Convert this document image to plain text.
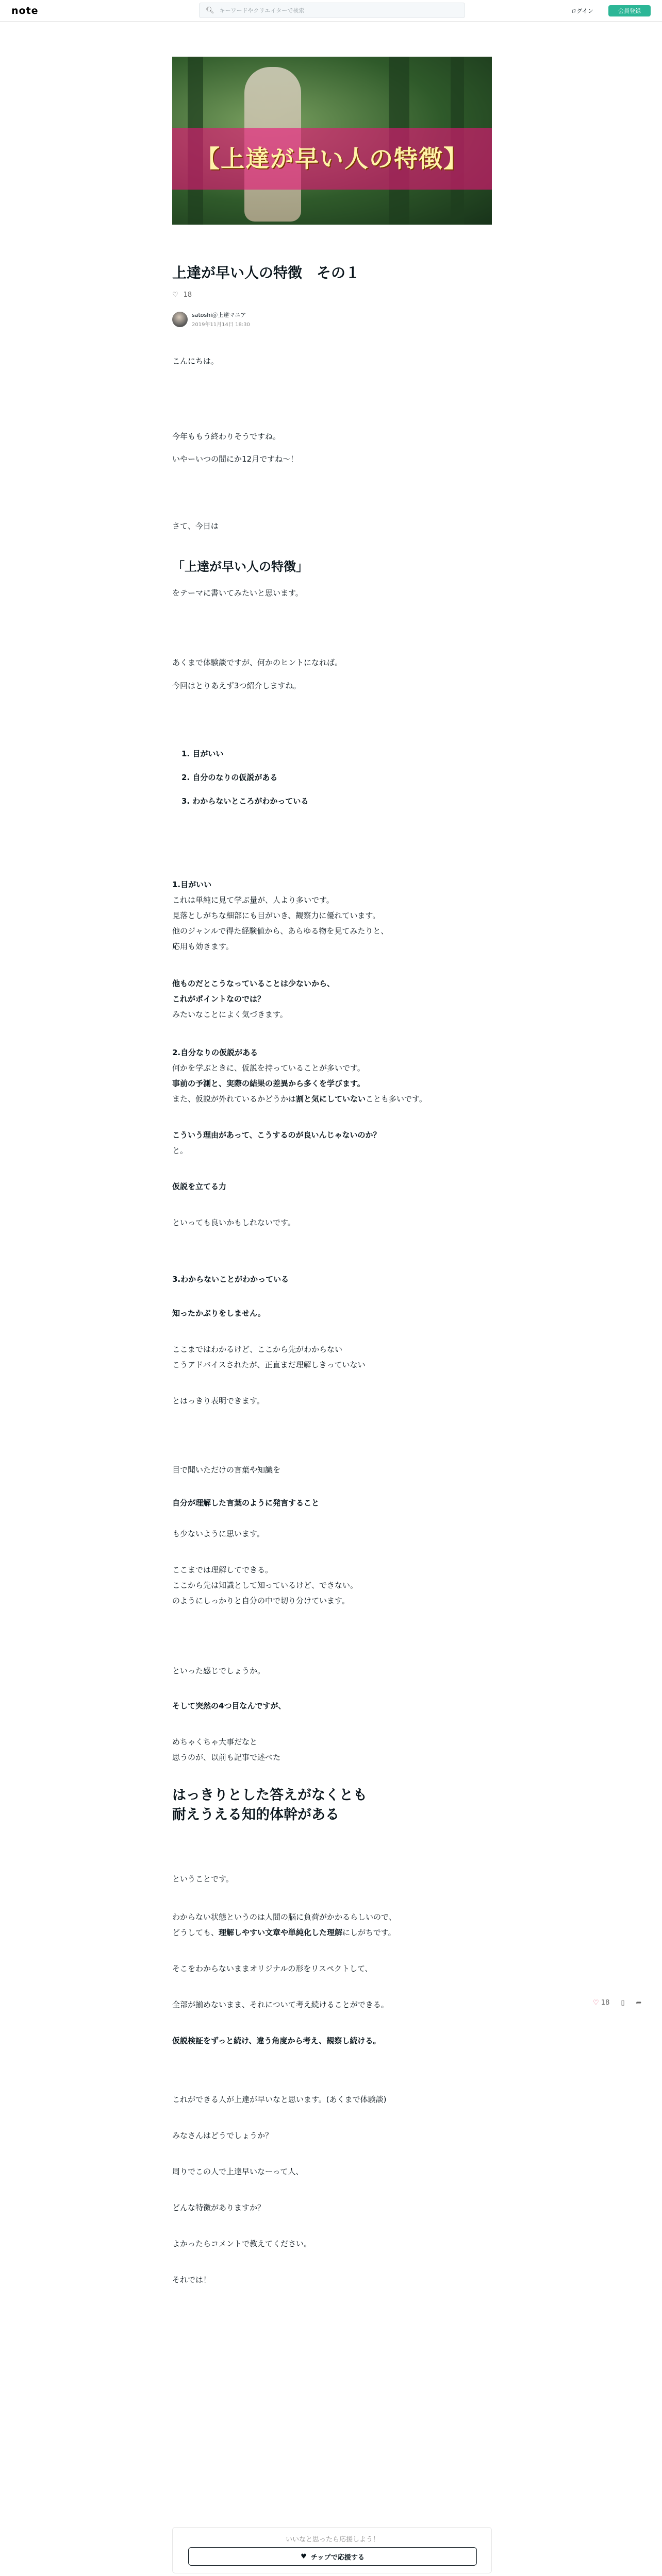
note	🔍︎ キーワードやクリエイターで検索	ログイン	会員登録
【上達が早い人の特徴】
上達が早い人の特徴　その１
♡ 18
satoshi＠上達マニア
2019年11月14日 18:30
こんにちは。
今年ももう終わりそうですね。
いやーいつの間にか12月ですね〜！
さて、今日は
「上達が早い人の特徴」
をテーマに書いてみたいと思います。
あくまで体験談ですが、何かのヒントになれば。
今回はとりあえず3つ紹介しますね。
1. 目がいい
2. 自分のなりの仮説がある
3. わからないところがわかっている
1.目がいい
これは単純に見て学ぶ量が、人より多いです。
見落としがちな細部にも目がいき、観察力に優れています。
他のジャンルで得た経験値から、あらゆる物を見てみたりと、
応用も効きます。
他ものだとこうなっていることは少ないから、
これがポイントなのでは？
みたいなことによく気づきます。
2.自分なりの仮説がある
何かを学ぶときに、仮説を持っていることが多いです。
事前の予測と、実際の結果の差異から多くを学びます。
また、仮説が外れているかどうかは割と気にしていないことも多いです。
こういう理由があって、こうするのが良いんじゃないのか？
と。
仮説を立てる力
といっても良いかもしれないです。
3.わからないことがわかっている
知ったかぶりをしません。
ここまではわかるけど、ここから先がわからない
こうアドバイスされたが、正直まだ理解しきっていない
とはっきり表明できます。
目で聞いただけの言葉や知識を
自分が理解した言葉のように発言すること
も少ないように思います。
ここまでは理解してできる。
ここから先は知識として知っているけど、できない。
のようにしっかりと自分の中で切り分けています。
といった感じでしょうか。
そして突然の4つ目なんですが、
めちゃくちゃ大事だなと
思うのが、以前も記事で述べた
はっきりとした答えがなくとも
耐えうえる知的体幹がある
ということです。
わからない状態というのは人間の脳に負荷がかかるらしいので、
どうしても、理解しやすい文章や単純化した理解にしがちです。
そこをわからないままオリジナルの形をリスペクトして、
全部が揃めないまま、それについて考え続けることができる。
仮説検証をずっと続け、違う角度から考え、観察し続ける。
これができる人が上達が早いなと思います。(あくまで体験談)
みなさんはどうでしょうか？
周りでこの人で上達早いなーって人、
どんな特徴がありますか？
よかったらコメントで教えてください。
それでは！
♡ 18 ▯ ➦
いいなと思ったら応援しよう！
♥ チップで応援する
